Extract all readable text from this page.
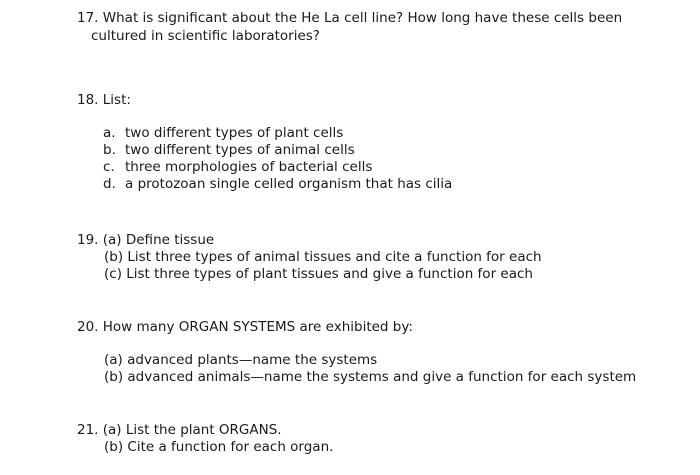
17. What is significant about the He La cell line? How long have these cells been
cultured in scientific laboratories?
18. List:
a. two different types of plant cells
b. two different types of animal cells
c. three morphologies of bacterial cells
d. a protozoan single celled organism that has cilia
19. (a) Define tissue
(b) List three types of animal tissues and cite a function for each
(c) List three types of plant tissues and give a function for each
20. How many ORGAN SYSTEMS are exhibited by:
(a) advanced plants—name the systems
(b) advanced animals—name the systems and give a function for each system
21. (a) List the plant ORGANS.
(b) Cite a function for each organ.
